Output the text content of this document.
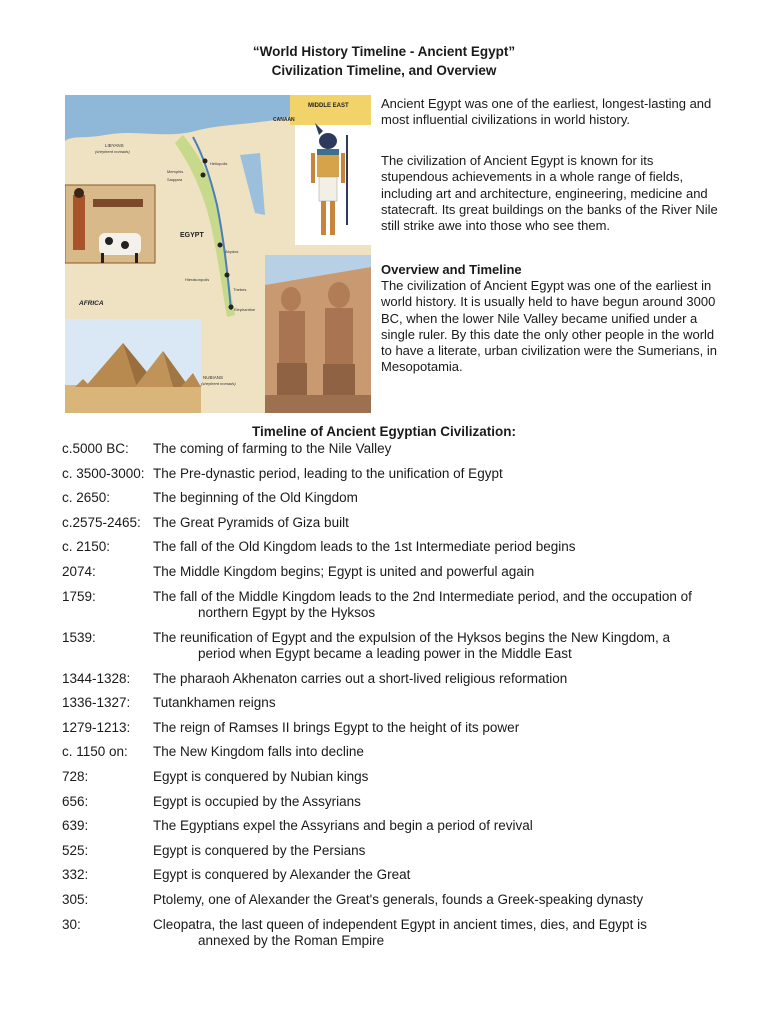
“World History Timeline - Ancient Egypt”
Civilization Timeline, and Overview
MIDDLE EAST
CANAAN
LIBYANS
(shepherd nomads)
Heliopolis
Memphis
Saqqara
EGYPT
Abydos
Hierakonpolis
Thebes
Elephantine
AFRICA
NUBIANS
(shepherd nomads)
Ancient Egypt was one of the earliest, longest-lasting and most influential civilizations in world history.
The civilization of Ancient Egypt is known for its stupendous achievements in a whole range of fields, including art and architecture, engineering, medicine and statecraft. Its great buildings on the banks of the River Nile still strike awe into those who see them.
Overview and Timeline
The civilization of Ancient Egypt was one of the earliest in world history. It is usually held to have begun around 3000 BC, when the lower Nile Valley became unified under a single ruler. By this date the only other people in the world to have a literate, urban civilization were the Sumerians, in Mesopotamia.
Timeline of Ancient Egyptian Civilization:
c.5000 BC:	The coming of farming to the Nile Valley
c. 3500-3000: The Pre-dynastic period, leading to the unification of Egypt
c. 2650:	The beginning of the Old Kingdom
c.2575-2465: The Great Pyramids of Giza built
c. 2150:	The fall of the Old Kingdom leads to the 1st Intermediate period begins
2074:	The Middle Kingdom begins; Egypt is united and powerful again
1759:	The fall of the Middle Kingdom leads to the 2nd Intermediate period, and the occupation of
northern Egypt by the Hyksos
1539:	The reunification of Egypt and the expulsion of the Hyksos begins the New Kingdom, a
period when Egypt became a leading power in the Middle East
1344-1328:	The pharaoh Akhenaton carries out a short-lived religious reformation
1336-1327:	Tutankhamen reigns
1279-1213:	The reign of Ramses II brings Egypt to the height of its power
c. 1150 on:	The New Kingdom falls into decline
728:	Egypt is conquered by Nubian kings
656:	Egypt is occupied by the Assyrians
639:	The Egyptians expel the Assyrians and begin a period of revival
525:	Egypt is conquered by the Persians
332:	Egypt is conquered by Alexander the Great
305:	Ptolemy, one of Alexander the Great's generals, founds a Greek-speaking dynasty
30:	Cleopatra, the last queen of independent Egypt in ancient times, dies, and Egypt is
annexed by the Roman Empire
